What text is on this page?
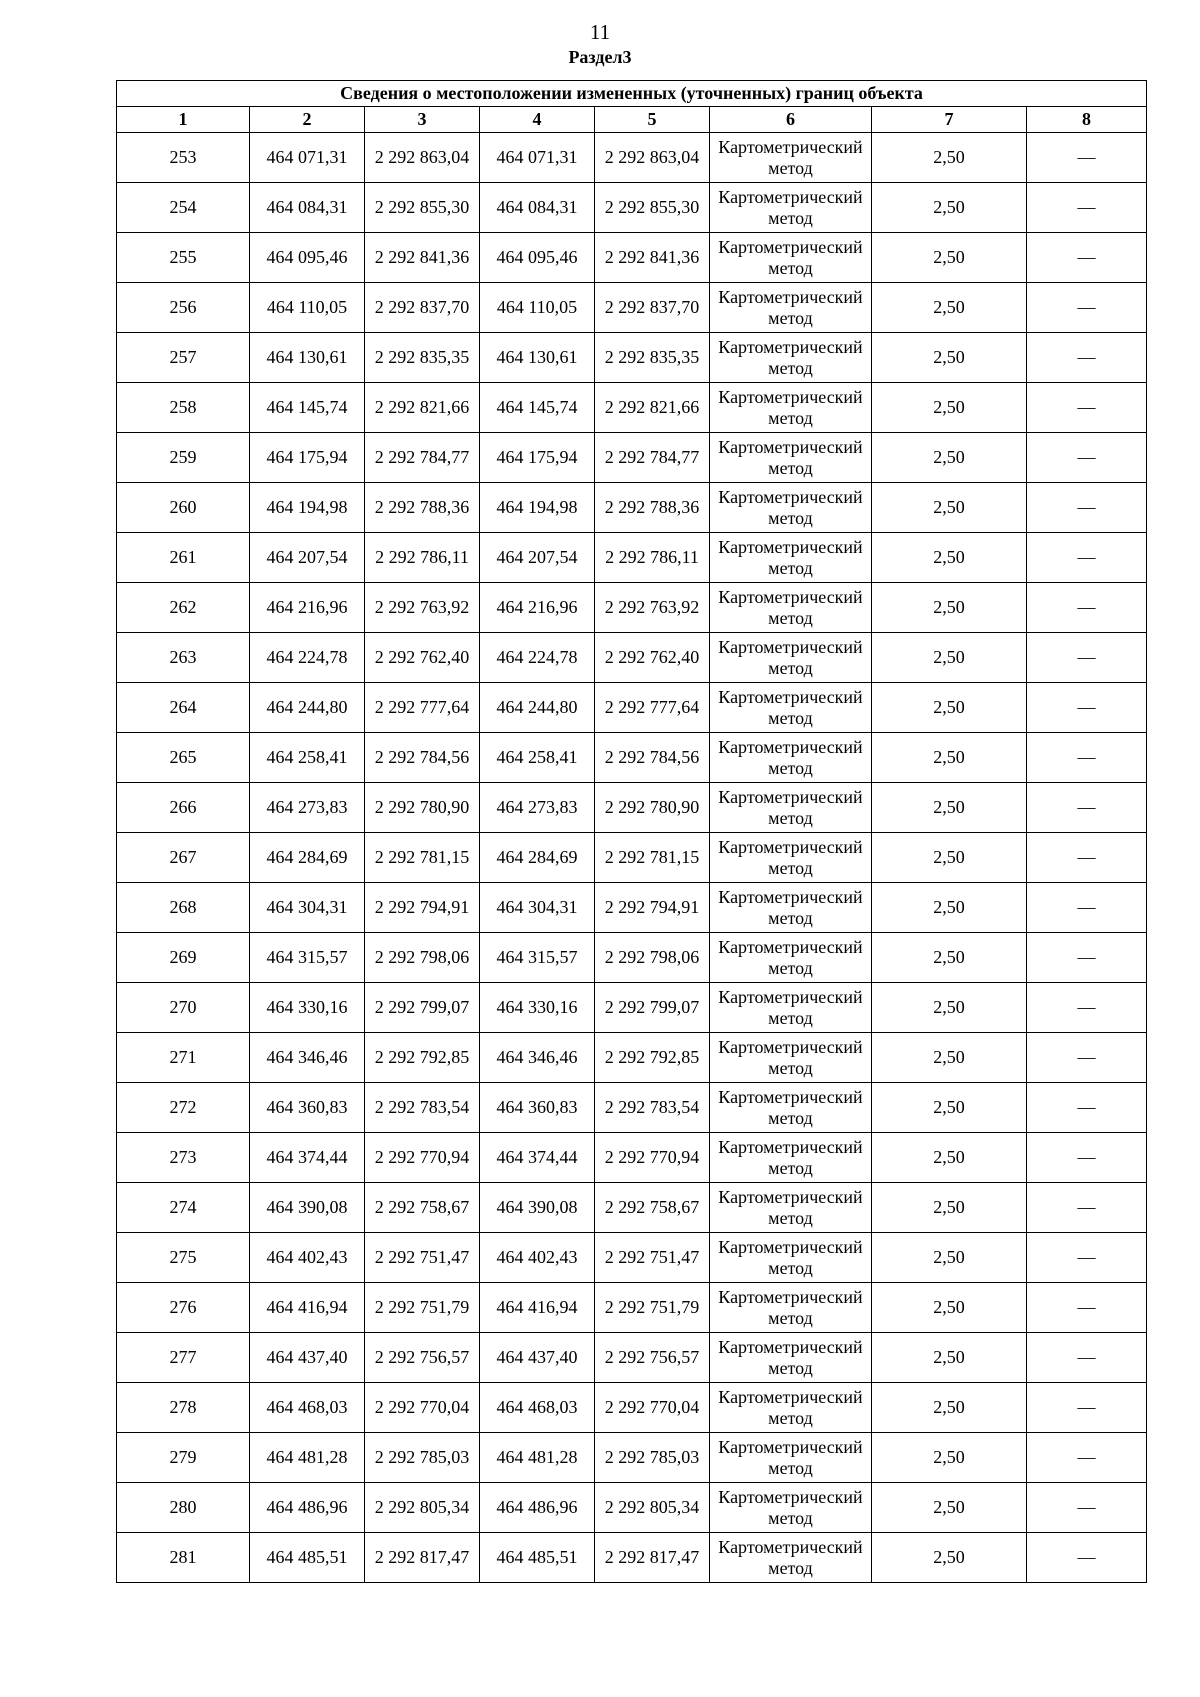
11
Раздел3
Сведения о местоположении измененных (уточненных) границ объекта							
1	2	3	4	5	6	7	8
253	464 071,31	2 292 863,04	464 071,31	2 292 863,04	Картометрический метод	2,50	—
254	464 084,31	2 292 855,30	464 084,31	2 292 855,30	Картометрический метод	2,50	—
255	464 095,46	2 292 841,36	464 095,46	2 292 841,36	Картометрический метод	2,50	—
256	464 110,05	2 292 837,70	464 110,05	2 292 837,70	Картометрический метод	2,50	—
257	464 130,61	2 292 835,35	464 130,61	2 292 835,35	Картометрический метод	2,50	—
258	464 145,74	2 292 821,66	464 145,74	2 292 821,66	Картометрический метод	2,50	—
259	464 175,94	2 292 784,77	464 175,94	2 292 784,77	Картометрический метод	2,50	—
260	464 194,98	2 292 788,36	464 194,98	2 292 788,36	Картометрический метод	2,50	—
261	464 207,54	2 292 786,11	464 207,54	2 292 786,11	Картометрический метод	2,50	—
262	464 216,96	2 292 763,92	464 216,96	2 292 763,92	Картометрический метод	2,50	—
263	464 224,78	2 292 762,40	464 224,78	2 292 762,40	Картометрический метод	2,50	—
264	464 244,80	2 292 777,64	464 244,80	2 292 777,64	Картометрический метод	2,50	—
265	464 258,41	2 292 784,56	464 258,41	2 292 784,56	Картометрический метод	2,50	—
266	464 273,83	2 292 780,90	464 273,83	2 292 780,90	Картометрический метод	2,50	—
267	464 284,69	2 292 781,15	464 284,69	2 292 781,15	Картометрический метод	2,50	—
268	464 304,31	2 292 794,91	464 304,31	2 292 794,91	Картометрический метод	2,50	—
269	464 315,57	2 292 798,06	464 315,57	2 292 798,06	Картометрический метод	2,50	—
270	464 330,16	2 292 799,07	464 330,16	2 292 799,07	Картометрический метод	2,50	—
271	464 346,46	2 292 792,85	464 346,46	2 292 792,85	Картометрический метод	2,50	—
272	464 360,83	2 292 783,54	464 360,83	2 292 783,54	Картометрический метод	2,50	—
273	464 374,44	2 292 770,94	464 374,44	2 292 770,94	Картометрический метод	2,50	—
274	464 390,08	2 292 758,67	464 390,08	2 292 758,67	Картометрический метод	2,50	—
275	464 402,43	2 292 751,47	464 402,43	2 292 751,47	Картометрический метод	2,50	—
276	464 416,94	2 292 751,79	464 416,94	2 292 751,79	Картометрический метод	2,50	—
277	464 437,40	2 292 756,57	464 437,40	2 292 756,57	Картометрический метод	2,50	—
278	464 468,03	2 292 770,04	464 468,03	2 292 770,04	Картометрический метод	2,50	—
279	464 481,28	2 292 785,03	464 481,28	2 292 785,03	Картометрический метод	2,50	—
280	464 486,96	2 292 805,34	464 486,96	2 292 805,34	Картометрический метод	2,50	—
281	464 485,51	2 292 817,47	464 485,51	2 292 817,47	Картометрический метод	2,50	—
